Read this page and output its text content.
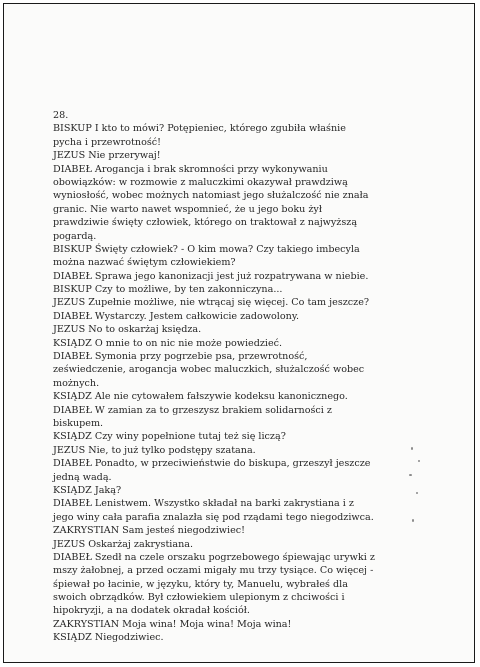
28.
BISKUP I kto to mówi? Potępieniec, którego zgubiła właśnie
pycha i przewrotność!
JEZUS Nie przerywaj!
DIABEŁ Arogancja i brak skromności przy wykonywaniu
obowiązków: w rozmowie z maluczkimi okazywał prawdziwą
wyniosłość, wobec możnych natomiast jego służalczość nie znała
granic. Nie warto nawet wspomnieć, że u jego boku żył
prawdziwie święty człowiek, którego on traktował z najwyższą
pogardą.
BISKUP Święty człowiek? - O kim mowa? Czy takiego imbecyla
można nazwać świętym człowiekiem?
DIABEŁ Sprawa jego kanonizacji jest już rozpatrywana w niebie.
BISKUP Czy to możliwe, by ten zakonniczyna...
JEZUS Zupełnie możliwe, nie wtrącaj się więcej. Co tam jeszcze?
DIABEŁ Wystarczy. Jestem całkowicie zadowolony.
JEZUS No to oskarżaj księdza.
KSIĄDZ O mnie to on nic nie może powiedzieć.
DIABEŁ Symonia przy pogrzebie psa, przewrotność,
zeświedczenie, arogancja wobec maluczkich, służalczość wobec
możnych.
KSIĄDZ Ale nie cytowałem fałszywie kodeksu kanonicznego.
DIABEŁ W zamian za to grzeszysz brakiem solidarności z
biskupem.
KSIĄDZ Czy winy popełnione tutaj też się liczą?
JEZUS Nie, to już tylko podstępy szatana.
DIABEŁ Ponadto, w przeciwieństwie do biskupa, grzeszył jeszcze
jedną wadą.
KSIĄDZ Jaką?
DIABEŁ Lenistwem. Wszystko składał na barki zakrystiana i z
jego winy cała parafia znalazła się pod rządami tego niegodziwca.
ZAKRYSTIAN Sam jesteś niegodziwiec!
JEZUS Oskarżaj zakrystiana.
DIABEŁ Szedł na czele orszaku pogrzebowego śpiewając urywki z
mszy żałobnej, a przed oczami migały mu trzy tysiące. Co więcej -
śpiewał po łacinie, w języku, który ty, Manuelu, wybrałeś dla
swoich obrządków. Był człowiekiem ulepionym z chciwości i
hipokryzji, a na dodatek okradał kościół.
ZAKRYSTIAN Moja wina! Moja wina! Moja wina!
KSIĄDZ Niegodziwiec.
